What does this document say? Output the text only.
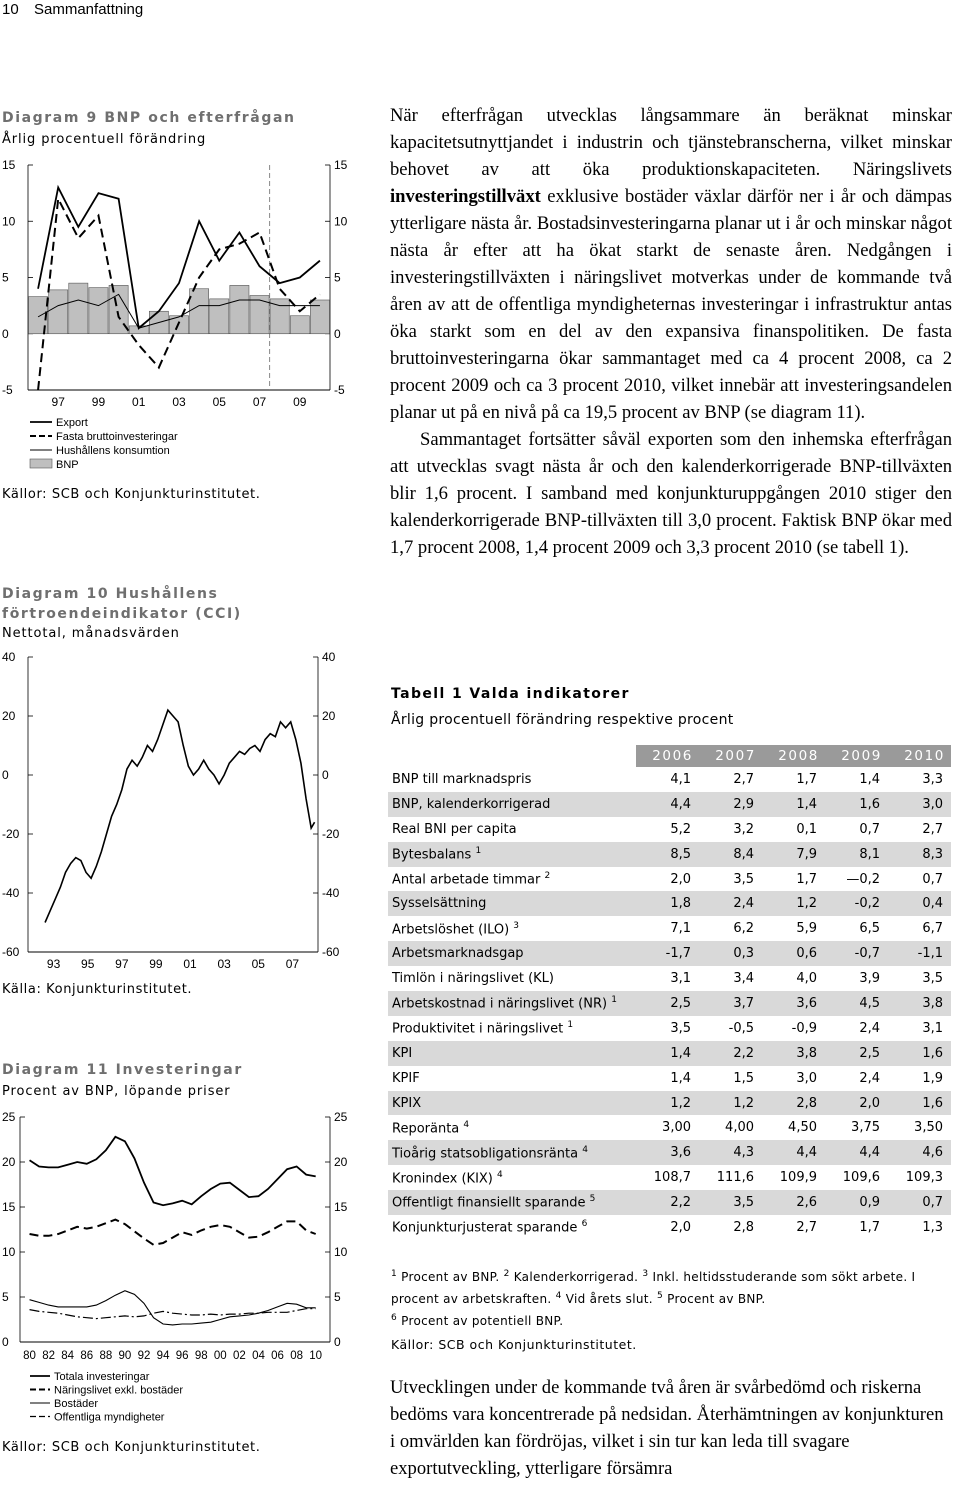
10 Sammanfattning
Diagram 9 BNP och efterfrågan
Årlig procentuell förändring
15	15
10	10
5	5
0	0
-5	-5
97 99 01 03 05 07 09
Export
Fasta bruttoinvesteringar
Hushållens konsumtion
BNP
Källor: SCB och Konjunkturinstitutet.
Diagram 10 Hushållens
förtroendeindikator (CCI)
Nettotal, månadsvärden
40	40
20	20
0	0
-20	-20
-40	-40
-60	-60
93 95 97 99 01 03 05 07
Källa: Konjunkturinstitutet.
Diagram 11 Investeringar
Procent av BNP, löpande priser
25	25
20	20
15	15
10	10
5	5
0	0
80 82 84 86 88 90 92 94 96 98 00 02 04 06 08 10
Totala investeringar
Näringslivet exkl. bostäder
Bostäder
Offentliga myndigheter
Källor: SCB och Konjunkturinstitutet.

När efterfrågan utvecklas långsammare än beräknat minskar kapacitetsutnyttjandet i industrin och tjänstebranscherna, vilket minskar behovet av att öka produktionskapaciteten. Näringslivets investeringstillväxt exklusive bostäder växlar därför ner i år och dämpas ytterligare nästa år. Bostadsinvesteringarna planar ut i år och minskar något nästa år efter att ha ökat starkt de senaste åren. Nedgången i investeringstillväxten i näringslivet motverkas under de kommande två åren av att de offentliga myndigheternas investeringar i infrastruktur antas öka starkt som en del av den expansiva finanspolitiken. De fasta bruttoinvesteringarna ökar sammantaget med ca 4 procent 2008, ca 2 procent 2009 och ca 3 procent 2010, vilket innebär att investeringsandelen planar ut på en nivå på ca 19,5 procent av BNP (se diagram 11).

Sammantaget fortsätter såväl exporten som den inhemska efterfrågan att utvecklas svagt nästa år och den kalenderkorrigerade BNP-tillväxten blir 1,6 procent. I samband med konjunkturuppgången 2010 stiger den kalenderkorrigerade BNP-tillväxten till 3,0 procent. Faktisk BNP ökar med 1,7 procent 2008, 1,4 procent 2009 och 3,3 procent 2010 (se tabell 1).

Tabell 1 Valda indikatorer
Årlig procentuell förändring respektive procent
	2006	2007	2008	2009	2010
BNP till marknadspris	4,1	2,7	1,7	1,4	3,3
BNP, kalenderkorrigerad	4,4	2,9	1,4	1,6	3,0
Real BNI per capita	5,2	3,2	0,1	0,7	2,7
Bytesbalans $^1$	8,5	8,4	7,9	8,1	8,3
Antal arbetade timmar $^2$	2,0	3,5	1,7	—0,2	0,7
Sysselsättning	1,8	2,4	1,2	-0,2	0,4
Arbetslöshet (ILO) $^3$	7,1	6,2	5,9	6,5	6,7
Arbetsmarknadsgap	-1,7	0,3	0,6	-0,7	-1,1
Timlön i näringslivet (KL)	3,1	3,4	4,0	3,9	3,5
Arbetskostnad i näringslivet (NR) $^1$	2,5	3,7	3,6	4,5	3,8
Produktivitet i näringslivet $^1$	3,5	-0,5	-0,9	2,4	3,1
KPI	1,4	2,2	3,8	2,5	1,6
KPIF	1,4	1,5	3,0	2,4	1,9
KPIX	1,2	1,2	2,8	2,0	1,6
Reporänta $^4$	3,00	4,00	4,50	3,75	3,50
Tioårig statsobligationsränta $^4$	3,6	4,3	4,4	4,4	4,6
Kronindex (KIX) $^4$	108,7	111,6	109,9	109,6	109,3
Offentligt finansiellt sparande $^5$	2,2	3,5	2,6	0,9	0,7
Konjunkturjusterat sparande $^6$	2,0	2,8	2,7	1,7	1,3
$^1$ Procent av BNP. $^2$ Kalenderkorrigerad. $^3$ Inkl. heltidsstuderande som sökt arbete. I procent av arbetskraften. $^4$ Vid årets slut. $^5$ Procent av BNP.
$^6$ Procent av potentiell BNP.
Källor: SCB och Konjunkturinstitutet.

Utvecklingen under de kommande två åren är svårbedömd och riskerna bedöms vara koncentrerade på nedsidan. Återhämtningen av konjunkturen i omvärlden kan fördröjas, vilket i sin tur kan leda till svagare exportutveckling, ytterligare försämra
